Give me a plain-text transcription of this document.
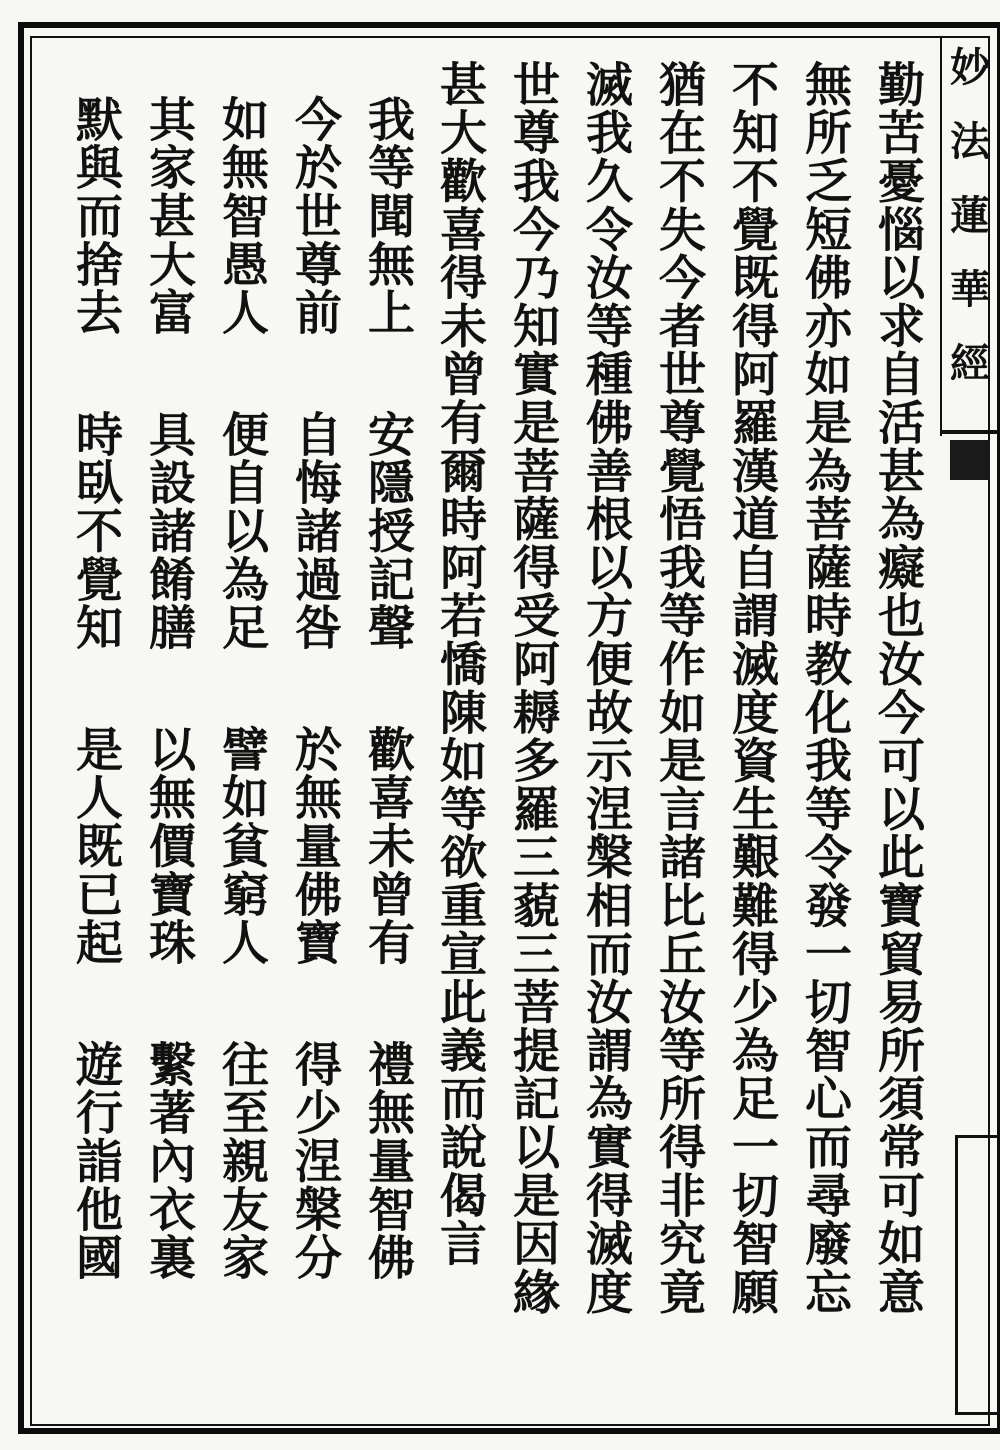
妙
法
蓮
華
經
勤苦憂惱以求自活甚為癡也汝今可以此寶貿易所須常可如意
無所乏短佛亦如是為菩薩時教化我等令發一切智心而尋廢忘
不知不覺既得阿羅漢道自謂滅度資生艱難得少為足一切智願
猶在不失今者世尊覺悟我等作如是言諸比丘汝等所得非究竟
滅我久令汝等種佛善根以方便故示涅槃相而汝謂為實得滅度
世尊我今乃知實是菩薩得受阿耨多羅三藐三菩提記以是因緣
甚大歡喜得未曾有爾時阿若憍陳如等欲重宣此義而說偈言
我等聞無上
安隱授記聲
歡喜未曾有
禮無量智佛
今於世尊前
自悔諸過咎
於無量佛寶
得少涅槃分
如無智愚人
便自以為足
譬如貧窮人
往至親友家
其家甚大富
具設諸餚膳
以無價寶珠
繫著內衣裏
默與而捨去
時臥不覺知
是人既已起
遊行詣他國
